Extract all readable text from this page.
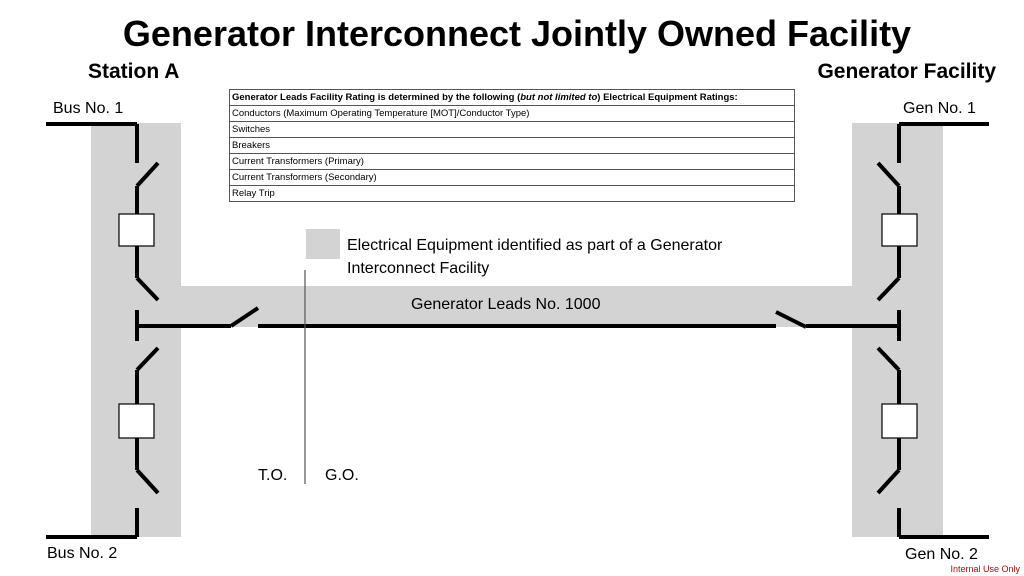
Generator Interconnect Jointly Owned Facility
Station A	Generator Facility
Bus No. 1
Bus No. 2
Gen No. 1
Gen No. 2
Generator Leads Facility Rating is determined by the following (but not limited to) Electrical Equipment Ratings:
Conductors (Maximum Operating Temperature [MOT]/Conductor Type)
Switches
Breakers
Current Transformers (Primary)
Current Transformers (Secondary)
Relay Trip
Electrical Equipment identified as part of a Generator Interconnect Facility
Generator Leads No. 1000
T.O. G.O.
Internal Use Only
